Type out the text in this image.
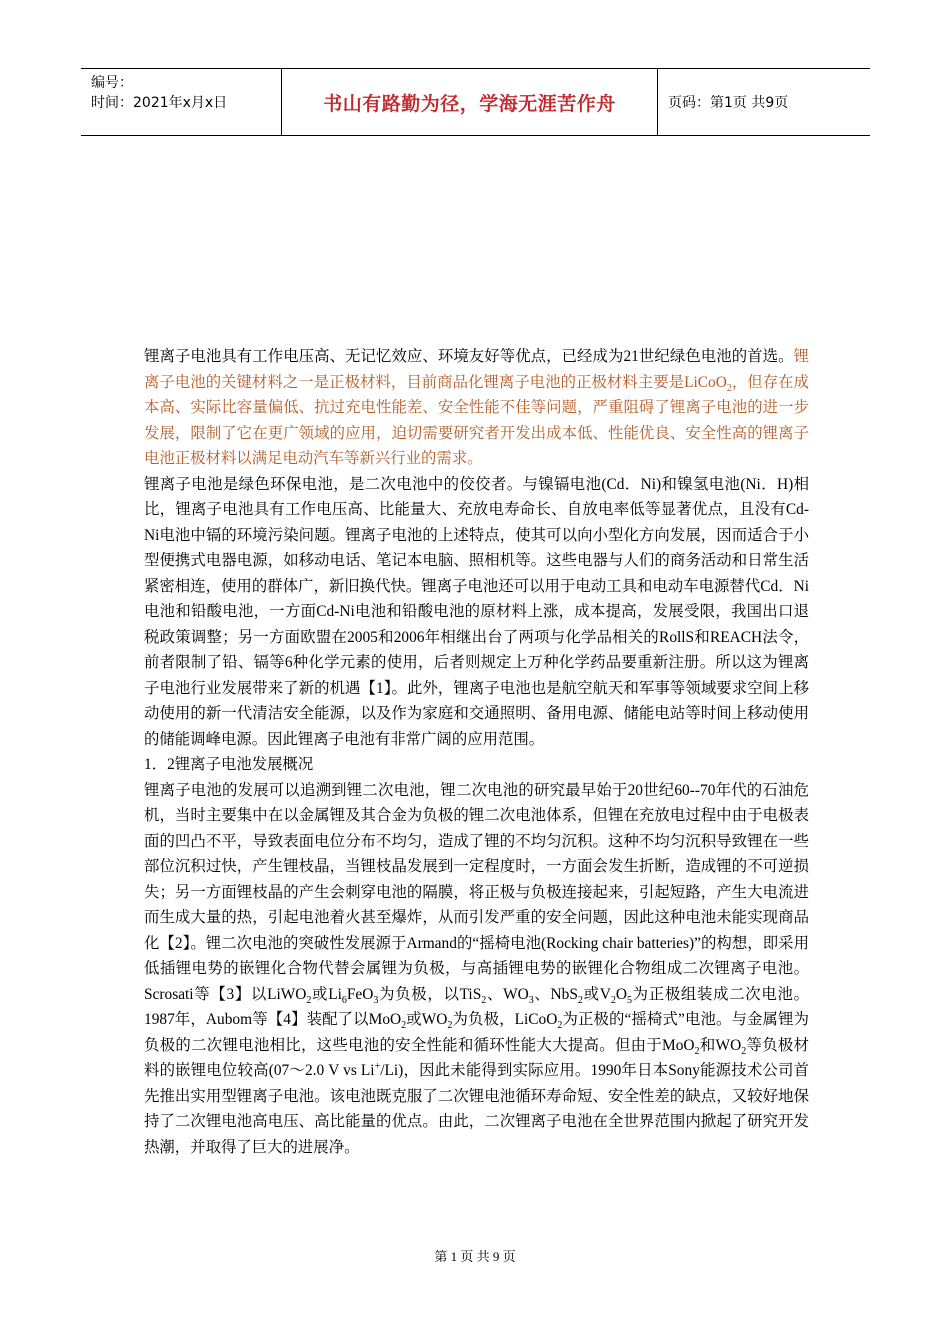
编号：
时间：2021年x月x日	书山有路勤为径，学海无涯苦作舟	页码：第1页 共9页

锂离子电池具有工作电压高、无记忆效应、环境友好等优点，已经成为21世纪绿色电池的首选。锂离子电池的关键材料之一是正极材料，目前商品化锂离子电池的正极材料主要是LiCoO$_2$，但存在成本高、实际比容量偏低、抗过充电性能差、安全性能不佳等问题，严重阻碍了锂离子电池的进一步发展，限制了它在更广领域的应用，迫切需要研究者开发出成本低、性能优良、安全性高的锂离子电池正极材料以满足电动汽车等新兴行业的需求。

锂离子电池是绿色环保电池，是二次电池中的佼佼者。与镍镉电池(Cd．Ni)和镍氢电池(Ni．H)相比，锂离子电池具有工作电压高、比能量大、充放电寿命长、自放电率低等显著优点，且没有Cd-Ni电池中镉的环境污染问题。锂离子电池的上述特点，使其可以向小型化方向发展，因而适合于小型便携式电器电源，如移动电话、笔记本电脑、照相机等。这些电器与人们的商务活动和日常生活紧密相连，使用的群体广，新旧换代快。锂离子电池还可以用于电动工具和电动车电源替代Cd．Ni电池和铅酸电池，一方面Cd-Ni电池和铅酸电池的原材料上涨，成本提高，发展受限，我国出口退税政策调整；另一方面欧盟在2005和2006年相继出台了两项与化学品相关的RollS和REACH法令，前者限制了铅、镉等6种化学元素的使用，后者则规定上万种化学药品要重新注册。所以这为锂离子电池行业发展带来了新的机遇【1】。此外，锂离子电池也是航空航天和军事等领域要求空间上移动使用的新一代清洁安全能源，以及作为家庭和交通照明、备用电源、储能电站等时间上移动使用的储能调峰电源。因此锂离子电池有非常广阔的应用范围。

1．2锂离子电池发展概况

锂离子电池的发展可以追溯到锂二次电池，锂二次电池的研究最早始于20世纪60--70年代的石油危机，当时主要集中在以金属锂及其合金为负极的锂二次电池体系，但锂在充放电过程中由于电极表面的凹凸不平，导致表面电位分布不均匀，造成了锂的不均匀沉积。这种不均匀沉积导致锂在一些部位沉积过快，产生锂枝晶，当锂枝晶发展到一定程度时，一方面会发生折断，造成锂的不可逆损失；另一方面锂枝晶的产生会刺穿电池的隔膜，将正极与负极连接起来，引起短路，产生大电流进而生成大量的热，引起电池着火甚至爆炸，从而引发严重的安全问题，因此这种电池未能实现商品化【2】。锂二次电池的突破性发展源于Armand的“摇椅电池(Rocking chair batteries)”的构想，即采用低插锂电势的嵌锂化合物代替会属锂为负极，与高插锂电势的嵌锂化合物组成二次锂离子电池。Scrosati等【3】以LiWO$_2$或$Li_6FeO_3$为负极，以TiS$_2$、$WO_3$、NbS$_2$或$V_2O_5$为正极组装成二次电池。1987年，Aubom等【4】装配了以MoO$_2$或$WO_2$为负极，LiCoO$_2$为正极的“摇椅式”电池。与金属锂为负极的二次锂电池相比，这些电池的安全性能和循环性能大大提高。但由于MoO$_2$和$WO_2$等负极材料的嵌锂电位较高(07～2.0 V vs Li+/Li)，因此未能得到实际应用。1990年日本Sony能源技术公司首先推出实用型锂离子电池。该电池既克服了二次锂电池循环寿命短、安全性差的缺点，又较好地保持了二次锂电池高电压、高比能量的优点。由此，二次锂离子电池在全世界范围内掀起了研究开发热潮，并取得了巨大的进展净。

第 1 页 共 9 页
